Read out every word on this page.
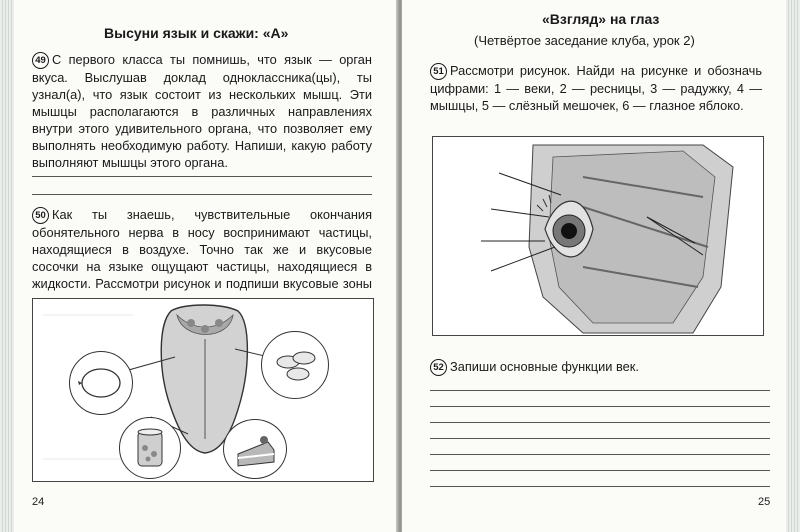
Высуни язык и скажи: «А»
49 С первого класса ты помнишь, что язык — орган вкуса. Выслушав доклад одноклассника(цы), ты узнал(а), что язык состоит из нескольких мышц. Эти мышцы располагаются в различных направлениях внутри этого удивительного органа, что позволяет ему выполнять необходимую работу. Напиши, какую работу выполняют мышцы этого органа.
50 Как ты знаешь, чувствительные окончания обонятельного нерва в носу воспринимают частицы, находящиеся в воздухе. Точно так же и вкусовые сосочки на языке ощущают частицы, находящиеся в жидкости. Рассмотри рисунок и подпиши вкусовые зоны
24
«Взгляд» на глаз
(Четвёртое заседание клуба, урок 2)
51 Рассмотри рисунок. Найди на рисунке и обозначь цифрами: 1 — веки, 2 — ресницы, 3 — радужку, 4 — мышцы, 5 — слёзный мешочек, 6 — глазное яблоко.
52 Запиши основные функции век.
25
